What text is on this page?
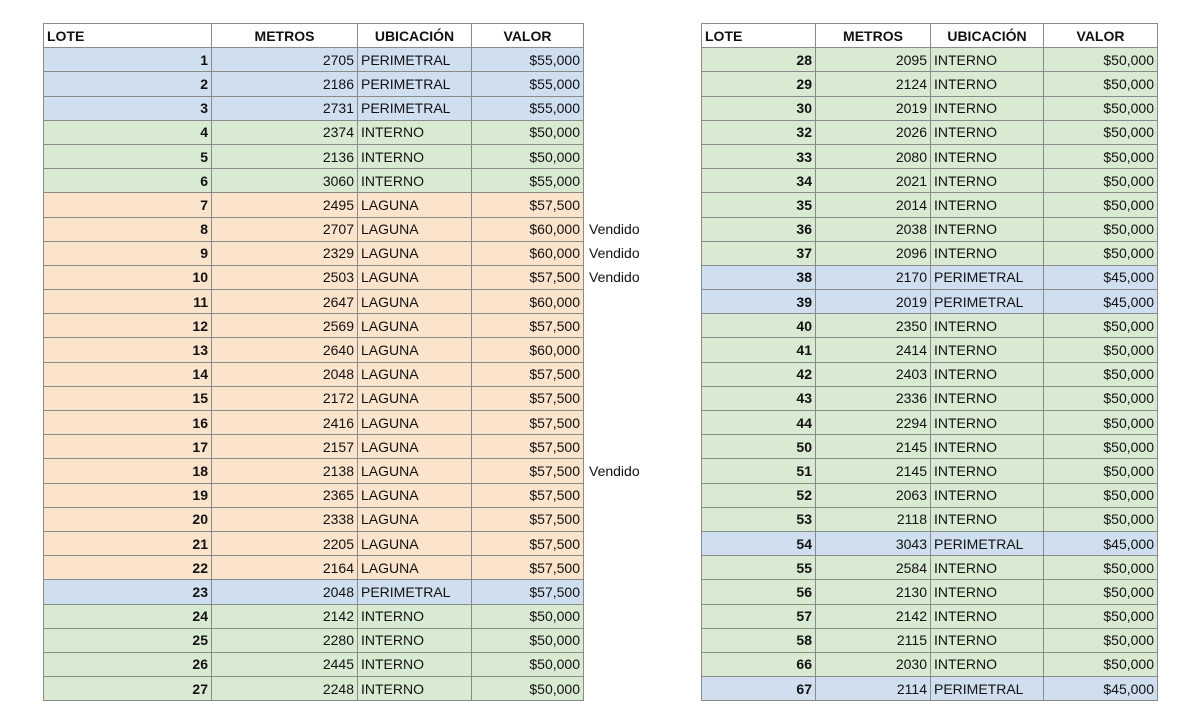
LOTE	METROS	UBICACIÓN	VALOR	
1	2705	PERIMETRAL	$55,000	
2	2186	PERIMETRAL	$55,000	
3	2731	PERIMETRAL	$55,000	
4	2374	INTERNO	$50,000	
5	2136	INTERNO	$50,000	
6	3060	INTERNO	$55,000	
7	2495	LAGUNA	$57,500	
8	2707	LAGUNA	$60,000	Vendido
9	2329	LAGUNA	$60,000	Vendido
10	2503	LAGUNA	$57,500	Vendido
11	2647	LAGUNA	$60,000	
12	2569	LAGUNA	$57,500	
13	2640	LAGUNA	$60,000	
14	2048	LAGUNA	$57,500	
15	2172	LAGUNA	$57,500	
16	2416	LAGUNA	$57,500	
17	2157	LAGUNA	$57,500	
18	2138	LAGUNA	$57,500	Vendido
19	2365	LAGUNA	$57,500	
20	2338	LAGUNA	$57,500	
21	2205	LAGUNA	$57,500	
22	2164	LAGUNA	$57,500	
23	2048	PERIMETRAL	$57,500	
24	2142	INTERNO	$50,000	
25	2280	INTERNO	$50,000	
26	2445	INTERNO	$50,000	
27	2248	INTERNO	$50,000	
LOTE	METROS	UBICACIÓN	VALOR
28	2095	INTERNO	$50,000
29	2124	INTERNO	$50,000
30	2019	INTERNO	$50,000
32	2026	INTERNO	$50,000
33	2080	INTERNO	$50,000
34	2021	INTERNO	$50,000
35	2014	INTERNO	$50,000
36	2038	INTERNO	$50,000
37	2096	INTERNO	$50,000
38	2170	PERIMETRAL	$45,000
39	2019	PERIMETRAL	$45,000
40	2350	INTERNO	$50,000
41	2414	INTERNO	$50,000
42	2403	INTERNO	$50,000
43	2336	INTERNO	$50,000
44	2294	INTERNO	$50,000
50	2145	INTERNO	$50,000
51	2145	INTERNO	$50,000
52	2063	INTERNO	$50,000
53	2118	INTERNO	$50,000
54	3043	PERIMETRAL	$45,000
55	2584	INTERNO	$50,000
56	2130	INTERNO	$50,000
57	2142	INTERNO	$50,000
58	2115	INTERNO	$50,000
66	2030	INTERNO	$50,000
67	2114	PERIMETRAL	$45,000
